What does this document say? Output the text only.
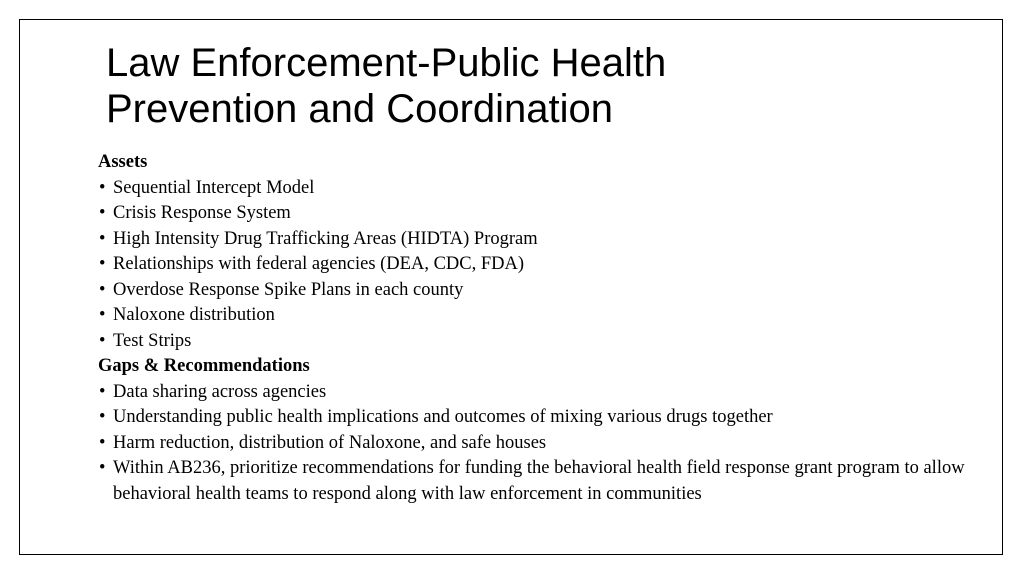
Law Enforcement-Public Health
Prevention and Coordination

Assets

• Sequential Intercept Model
• Crisis Response System
• High Intensity Drug Trafficking Areas (HIDTA) Program
• Relationships with federal agencies (DEA, CDC, FDA)
• Overdose Response Spike Plans in each county
• Naloxone distribution
• Test Strips

Gaps & Recommendations

• Data sharing across agencies
• Understanding public health implications and outcomes of mixing various drugs together
• Harm reduction, distribution of Naloxone, and safe houses
• Within AB236, prioritize recommendations for funding the behavioral health field response grant program to allow behavioral health teams to respond along with law enforcement in communities
